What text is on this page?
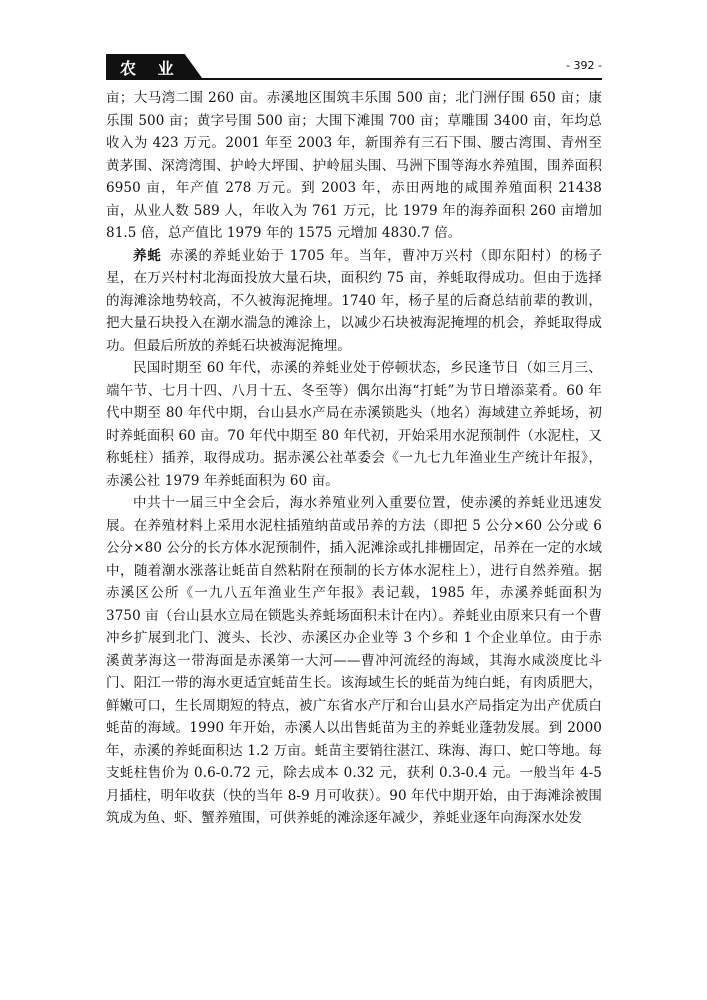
农 业	- 392 -

亩；大马湾二围 260 亩。赤溪地区围筑丰乐围 500 亩；北门洲仔围 650 亩；康乐围 500 亩；黄字号围 500 亩；大围下滩围 700 亩；草雕围 3400 亩，年均总收入为 423 万元。2001 年至 2003 年，新围养有三石下围、腰古湾围、青州至黄茅围、深湾湾围、护岭大坪围、护岭屈头围、马洲下围等海水养殖围，围养面积 6950 亩，年产值 278 万元。到 2003 年，赤田两地的咸围养殖面积 21438 亩，从业人数 589 人，年收入为 761 万元，比 1979 年的海养面积 260 亩增加 81.5 倍，总产值比 1979 年的 1575 元增加 4830.7 倍。

养蚝 赤溪的养蚝业始于 1705 年。当年，曹冲万兴村（即东阳村）的杨子星，在万兴村村北海面投放大量石块，面积约 75 亩，养蚝取得成功。但由于选择的海滩涂地势较高，不久被海泥掩埋。1740 年，杨子星的后裔总结前辈的教训，把大量石块投入在潮水湍急的滩涂上，以减少石块被海泥掩埋的机会，养蚝取得成功。但最后所放的养蚝石块被海泥掩埋。

民国时期至 60 年代，赤溪的养蚝业处于停顿状态，乡民逢节日（如三月三、端午节、七月十四、八月十五、冬至等）偶尔出海“打蚝”为节日增添菜肴。60 年代中期至 80 年代中期，台山县水产局在赤溪锁匙头（地名）海域建立养蚝场，初时养蚝面积 60 亩。70 年代中期至 80 年代初，开始采用水泥预制件（水泥柱，又称蚝柱）插养，取得成功。据赤溪公社革委会《一九七九年渔业生产统计年报》，赤溪公社 1979 年养蚝面积为 60 亩。

中共十一届三中全会后，海水养殖业列入重要位置，使赤溪的养蚝业迅速发展。在养殖材料上采用水泥柱插殖纳苗或吊养的方法（即把 5 公分×60 公分或 6 公分×80 公分的长方体水泥预制件，插入泥滩涂或扎排栅固定，吊养在一定的水域中，随着潮水涨落让蚝苗自然粘附在预制的长方体水泥柱上），进行自然养殖。据赤溪区公所《一九八五年渔业生产年报》表记载，1985 年，赤溪养蚝面积为 3750 亩（台山县水立局在锁匙头养蚝场面积未计在内）。养蚝业由原来只有一个曹冲乡扩展到北门、渡头、长沙、赤溪区办企业等 3 个乡和 1 个企业单位。由于赤溪黄茅海这一带海面是赤溪第一大河——曹冲河流经的海域，其海水咸淡度比斗门、阳江一带的海水更适宜蚝苗生长。该海域生长的蚝苗为纯白蚝，有肉质肥大，鲜嫩可口，生长周期短的特点，被广东省水产厅和台山县水产局指定为出产优质白蚝苗的海域。1990 年开始，赤溪人以出售蚝苗为主的养蚝业蓬勃发展。到 2000 年，赤溪的养蚝面积达 1.2 万亩。蚝苗主要销往湛江、珠海、海口、蛇口等地。每支蚝柱售价为 0.6-0.72 元，除去成本 0.32 元，获利 0.3-0.4 元。一般当年 4-5 月插柱，明年收获（快的当年 8-9 月可收获）。90 年代中期开始，由于海滩涂被围筑成为鱼、虾、蟹养殖围，可供养蚝的滩涂逐年减少，养蚝业逐年向海深水处发
